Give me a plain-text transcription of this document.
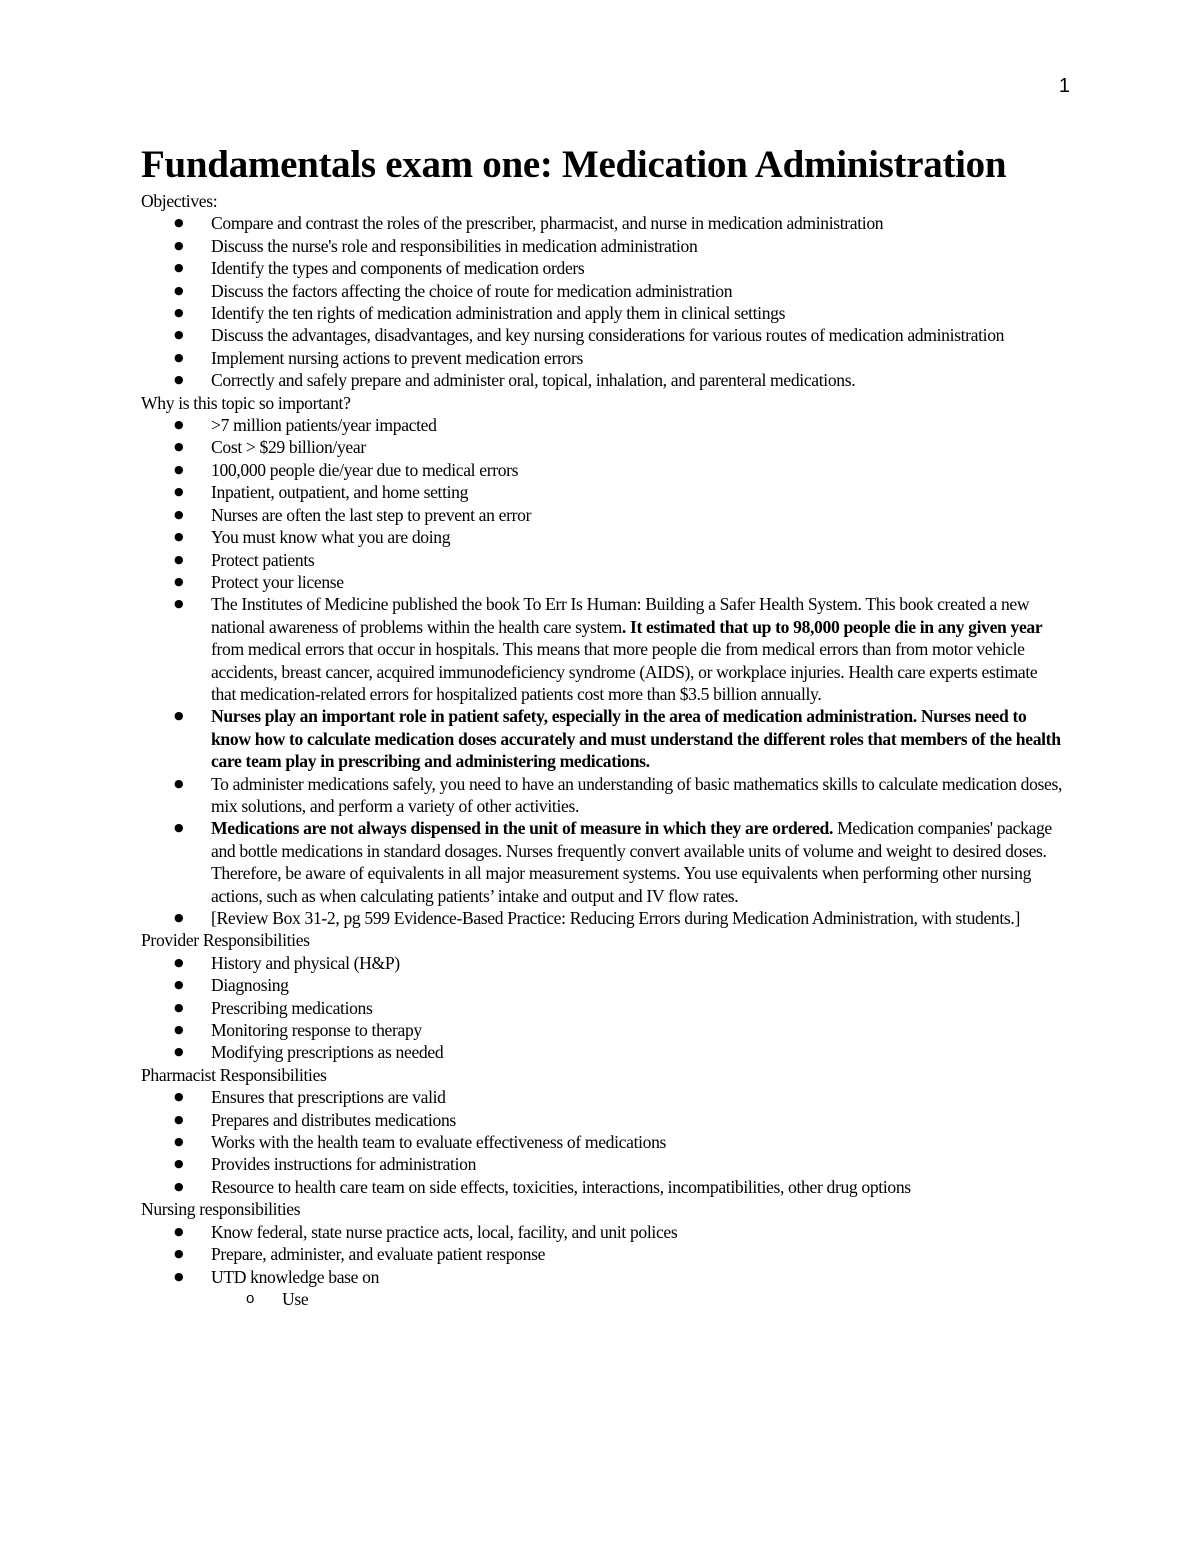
1
Fundamentals exam one: Medication Administration
Objectives:
● Compare and contrast the roles of the prescriber, pharmacist, and nurse in medication administration
● Discuss the nurse's role and responsibilities in medication administration
● Identify the types and components of medication orders
● Discuss the factors affecting the choice of route for medication administration
● Identify the ten rights of medication administration and apply them in clinical settings
● Discuss the advantages, disadvantages, and key nursing considerations for various routes of medication administration
● Implement nursing actions to prevent medication errors
● Correctly and safely prepare and administer oral, topical, inhalation, and parenteral medications.
Why is this topic so important?
● >7 million patients/year impacted
● Cost > $29 billion/year
● 100,000 people die/year due to medical errors
● Inpatient, outpatient, and home setting
● Nurses are often the last step to prevent an error
● You must know what you are doing
● Protect patients
● Protect your license
● The Institutes of Medicine published the book To Err Is Human: Building a Safer Health System. This book created a new national awareness of problems within the health care system. It estimated that up to 98,000 people die in any given year from medical errors that occur in hospitals. This means that more people die from medical errors than from motor vehicle accidents, breast cancer, acquired immunodeficiency syndrome (AIDS), or workplace injuries. Health care experts estimate that medication-related errors for hospitalized patients cost more than $3.5 billion annually.
● Nurses play an important role in patient safety, especially in the area of medication administration. Nurses need to know how to calculate medication doses accurately and must understand the different roles that members of the health care team play in prescribing and administering medications.
● To administer medications safely, you need to have an understanding of basic mathematics skills to calculate medication doses, mix solutions, and perform a variety of other activities.
● Medications are not always dispensed in the unit of measure in which they are ordered. Medication companies' package and bottle medications in standard dosages. Nurses frequently convert available units of volume and weight to desired doses. Therefore, be aware of equivalents in all major measurement systems. You use equivalents when performing other nursing actions, such as when calculating patients’ intake and output and IV flow rates.
● [Review Box 31-2, pg 599 Evidence-Based Practice: Reducing Errors during Medication Administration, with students.]
Provider Responsibilities
● History and physical (H&P)
● Diagnosing
● Prescribing medications
● Monitoring response to therapy
● Modifying prescriptions as needed
Pharmacist Responsibilities
● Ensures that prescriptions are valid
● Prepares and distributes medications
● Works with the health team to evaluate effectiveness of medications
● Provides instructions for administration
● Resource to health care team on side effects, toxicities, interactions, incompatibilities, other drug options
Nursing responsibilities
● Know federal, state nurse practice acts, local, facility, and unit polices
● Prepare, administer, and evaluate patient response
● UTD knowledge base on
o Use
